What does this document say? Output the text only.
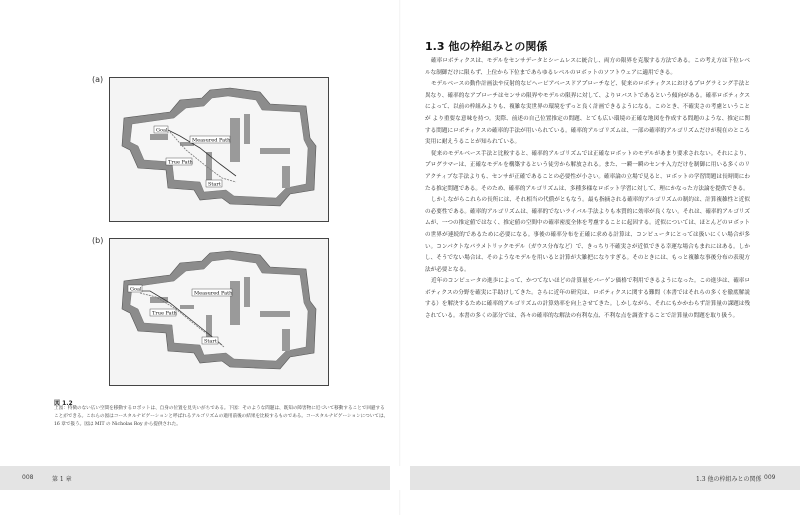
(a)
Goal
Measured Path
True Path
Start
(b)
Goal
Measured Path
True Path
Start
図 1.2
上図：特徴のない広い空間を移動するロボットは、自身の位置を見失いがちである。下図：そのような問題は、既知の障害物に近づいて移動することで回避することができる。これらの図はコースタルナビゲーションと呼ばれるアルゴリズムの適用前後の結果を比較するものである。コースタルナビゲーションについては、16 章で扱う。図は MIT の Nicholas Roy から提供された。
1.3 他の枠組みとの関係

確率ロボティクスは、モデルをセンサデータとシームレスに統合し、両方の限界を克服する方法である。この考え方は下位レベルな制御だけに限らず、上位から下位まであらゆるレベルのロボットのソフトウェアに適用できる。

モデルベースの動作計画法や反射的なビヘービアベースドアプローチなど、従来のロボティクスにおけるプログラミング手法と異なり、確率的なアプローチはセンサの限界やモデルの限界に対して、よりロバストであるという傾向がある。確率ロボティクスによって、以前の枠組みよりも、複雑な実世界の環境をずっと良く計画できるようになる。このとき、不確実さの考慮ということが より重要な意味を持つ。実際、前述の自己位置推定の問題、とても広い環境の正確な地図を作成する問題のような、推定に関する問題にロボティクスの確率的手法が用いられている。確率的アルゴリズムは、一部の確率的アルゴリズムだけが現在のところ実用に耐えうることが知られている。

従来のモデルベース手法と比較すると、確率的アルゴリズムでは正確なロボットのモデルがあまり要求されない。それにより、プログラマーは、正確なモデルを構築するという徒労から解放される。また、一瞬一瞬のセンサ入力だけを制御に用いる多くのリアクティブな手法よりも、センサが正確であることの必要性が小さい。確率論の立場で見ると、ロボットの学習問題は長時間にわたる推定問題である。そのため、確率的アルゴリズムは、多種多様なロボット学習に対して、理にかなった方法論を提供できる。

しかしながらこれらの長所には、それ相当の代償がともなう。最も指摘される確率的アルゴリズムの制約は、計算複雑性と近似の必要性である。確率的アルゴリズムは、確率的でないライバル手法よりも本質的に効率が良くない。それは、確率的アルゴリズムが、一つの推定値ではなく、推定値の空間中の確率密度全体を考慮することに起因する。近似については、ほとんどのロボットの世界が連続的であるために必要になる。事後の確率分布を正確に求める計算は、コンピュータにとっては扱いにくい場合が多い。コンパクトなパラメトリックモデル（ガウス分布など）で、きっちり不確実さが近似できる幸運な場合もまれにはある。しかし、そうでない場合は、そのようなモデルを用いると計算が大雑把になりすぎる。そのときには、もっと複雑な事後分布の表現方法が必要となる。

近年のコンピュータの進歩によって、かつてないほどの計算量をバーゲン価格で利用できるようになった。この進歩は、確率ロボティクスの分野を確実に手助けしてきた。さらに近年の研究は、ロボティクスに関する難問（本書ではそれらの多くを徹底解説する）を解決するために確率的アルゴリズムの計算効率を向上させてきた。しかしながら、それにもかかわらず計算量の課題は残されている。本書の多くの部分では、各々の確率的な解法の有利な点、不利な点を調査することで計算量の問題を取り扱う。

008	第 1 章	1.3 他の枠組みとの関係 009
